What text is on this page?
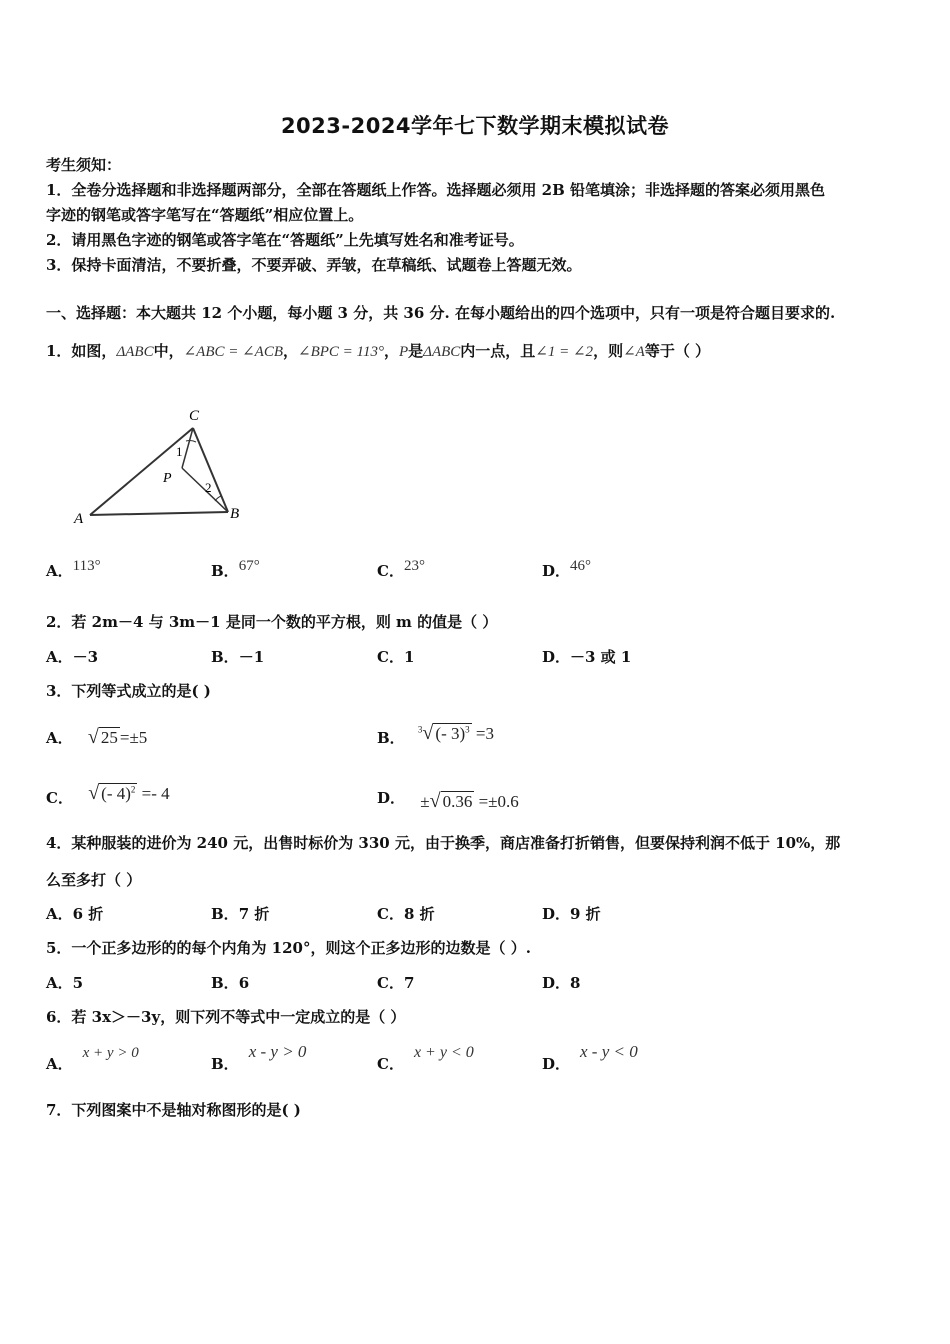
2023-2024学年七下数学期末模拟试卷
考生须知：
1．全卷分选择题和非选择题两部分，全部在答题纸上作答。选择题必须用 2B 铅笔填涂；非选择题的答案必须用黑色
字迹的钢笔或答字笔写在“答题纸”相应位置上。
2．请用黑色字迹的钢笔或答字笔在“答题纸”上先填写姓名和准考证号。
3．保持卡面清洁，不要折叠，不要弄破、弄皱，在草稿纸、试题卷上答题无效。
一、选择题：本大题共 12 个小题，每小题 3 分，共 36 分. 在每小题给出的四个选项中，只有一项是符合题目要求的.
1．如图，ΔABC中，∠ABC = ∠ACB，∠BPC = 113°，P是ΔABC内一点，且∠1 = ∠2，则∠A等于（ ）
C
A	B
P
1
2
A．113°	B．67°	C．23°	D．46°
2．若 2m－4 与 3m－1 是同一个数的平方根，则 m 的值是（ ）
A．－3	B．－1	C．1	D．－3 或 1
3．下列等式成立的是( )
A． √ 25 =±5	B． $^3$√ (- 3)$^3$ =3
C． √ (- 4)$^2$ =- 4	D． ±√ 0.36 =±0.6
4．某种服装的进价为 240 元，出售时标价为 330 元，由于换季，商店准备打折销售，但要保持利润不低于 10%，那
么至多打（ ）
A．6 折	B．7 折	C．8 折	D．9 折
5．一个正多边形的的每个内角为 120°，则这个正多边形的边数是（ ）.
A．5	B．6	C．7	D．8
6．若 3x＞－3y，则下列不等式中一定成立的是（ ）
A．x + y > 0
B．x - y > 0
C．x + y < 0
D．x - y < 0
7．下列图案中不是轴对称图形的是( )
